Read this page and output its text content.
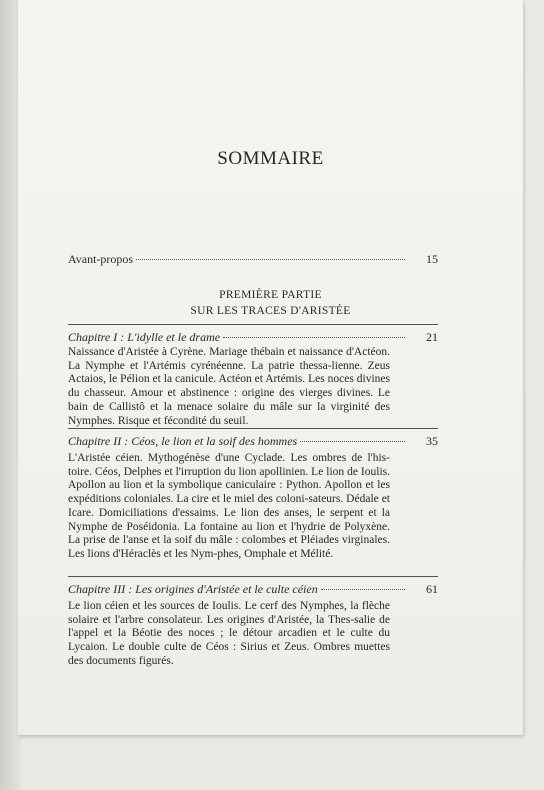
SOMMAIRE
Avant-propos	15
PREMIÈRE PARTIE
SUR LES TRACES D'ARISTÉE
Chapitre I : L'idylle et le drame	21
Naissance d'Aristée à Cyrène. Mariage thébain et naissance d'Actéon. La Nymphe et l'Artémis cyrénéenne. La patrie thessa-lienne. Zeus Actaios, le Pélion et la canicule. Actéon et Artémis. Les noces divines du chasseur. Amour et abstinence : origine des vierges divines. Le bain de Callistô et la menace solaire du mâle sur la virginité des Nymphes. Risque et fécondité du seuil.
Chapitre II : Céos, le lion et la soif des hommes	35
L'Aristée céien. Mythogénèse d'une Cyclade. Les ombres de l'his-toire. Céos, Delphes et l'irruption du lion apollinien. Le lion de Ioulis. Apollon au lion et la symbolique caniculaire : Python. Apollon et les expéditions coloniales. La cire et le miel des coloni-sateurs. Dédale et Icare. Domiciliations d'essaims. Le lion des anses, le serpent et la Nymphe de Poséidonia. La fontaine au lion et l'hydrie de Polyxène. La prise de l'anse et la soif du mâle : colombes et Pléiades virginales. Les lions d'Héraclès et les Nym-phes, Omphale et Mélité.
Chapitre III : Les origines d'Aristée et le culte céien	61
Le lion céien et les sources de Ioulis. Le cerf des Nymphes, la flèche solaire et l'arbre consolateur. Les origines d'Aristée, la Thes-salie de l'appel et la Béotie des noces ; le détour arcadien et le culte du Lycaion. Le double culte de Céos : Sirius et Zeus. Ombres muettes des documents figurés.
